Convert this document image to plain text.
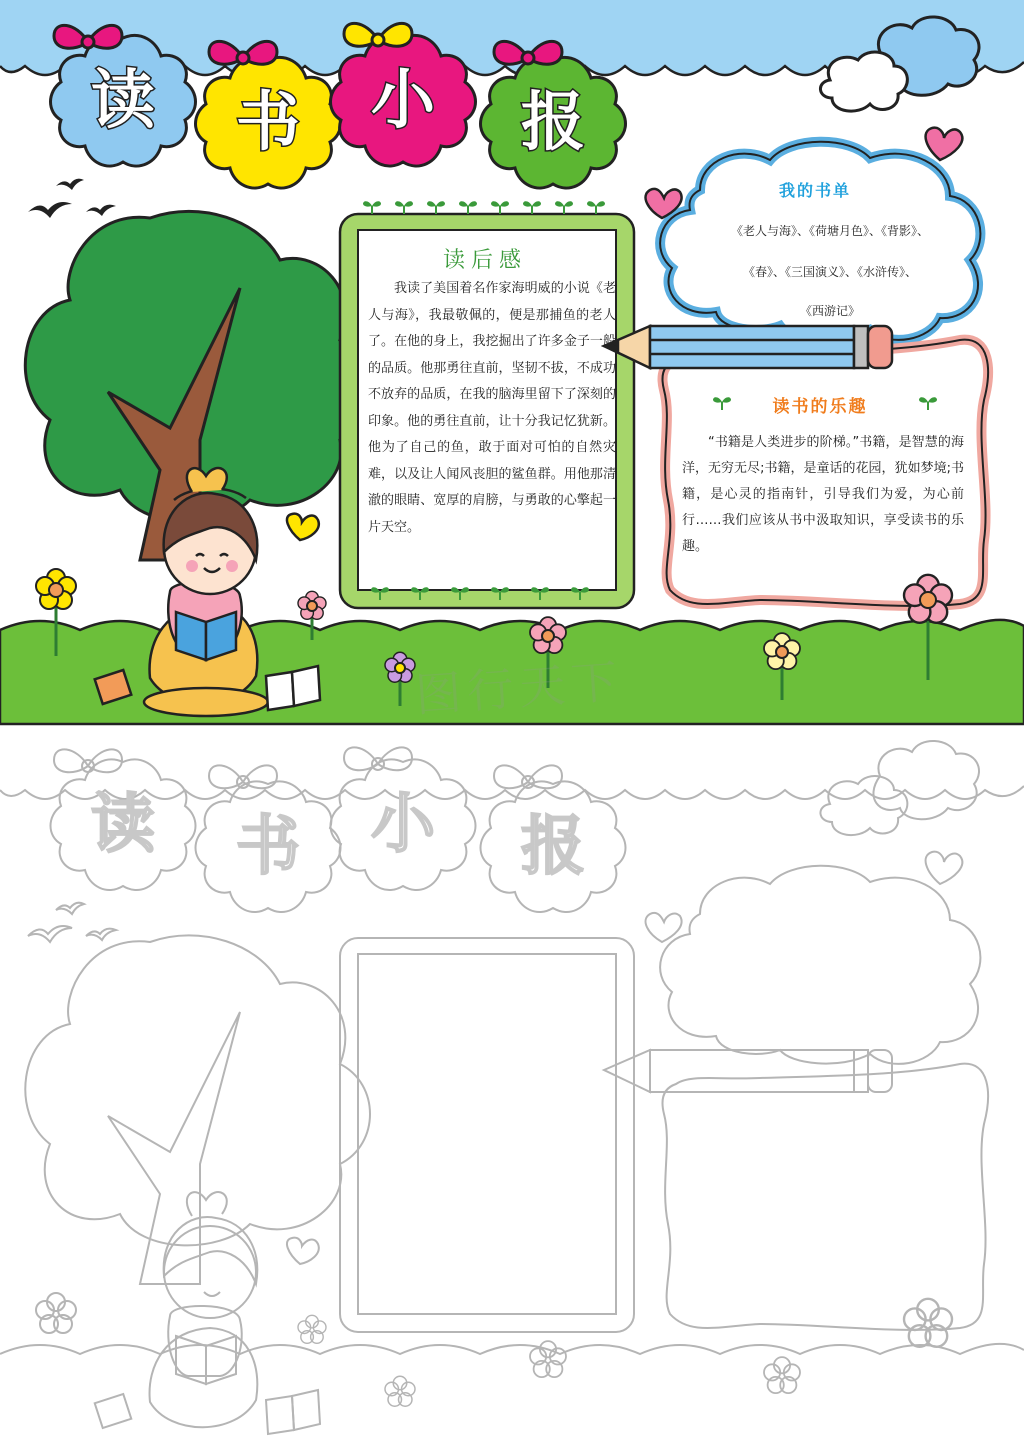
读 书 小 报
读 书 小 报
读后感

我读了美国着名作家海明威的小说《老人与海》，我最敬佩的，便是那捕鱼的老人了。在他的身上，我挖掘出了许多金子一般的品质。他那勇往直前，坚韧不拔，不成功不放弃的品质，在我的脑海里留下了深刻的印象。他的勇往直前，让十分我记忆犹新。他为了自己的鱼，敢于面对可怕的自然灾难，以及让人闻风丧胆的鲨鱼群。用他那清澈的眼睛、宽厚的肩膀，与勇敢的心擎起一片天空。

我的书单
《老人与海》、《荷塘月色》、《背影》、
《春》、《三国演义》、《水浒传》、
《西游记》
读书的乐趣

“书籍是人类进步的阶梯。”书籍，是智慧的海洋，无穷无尽;书籍，是童话的花园，犹如梦境;书籍，是心灵的指南针，引导我们为爱，为心前行……我们应该从书中汲取知识，享受读书的乐趣。

图行天下
